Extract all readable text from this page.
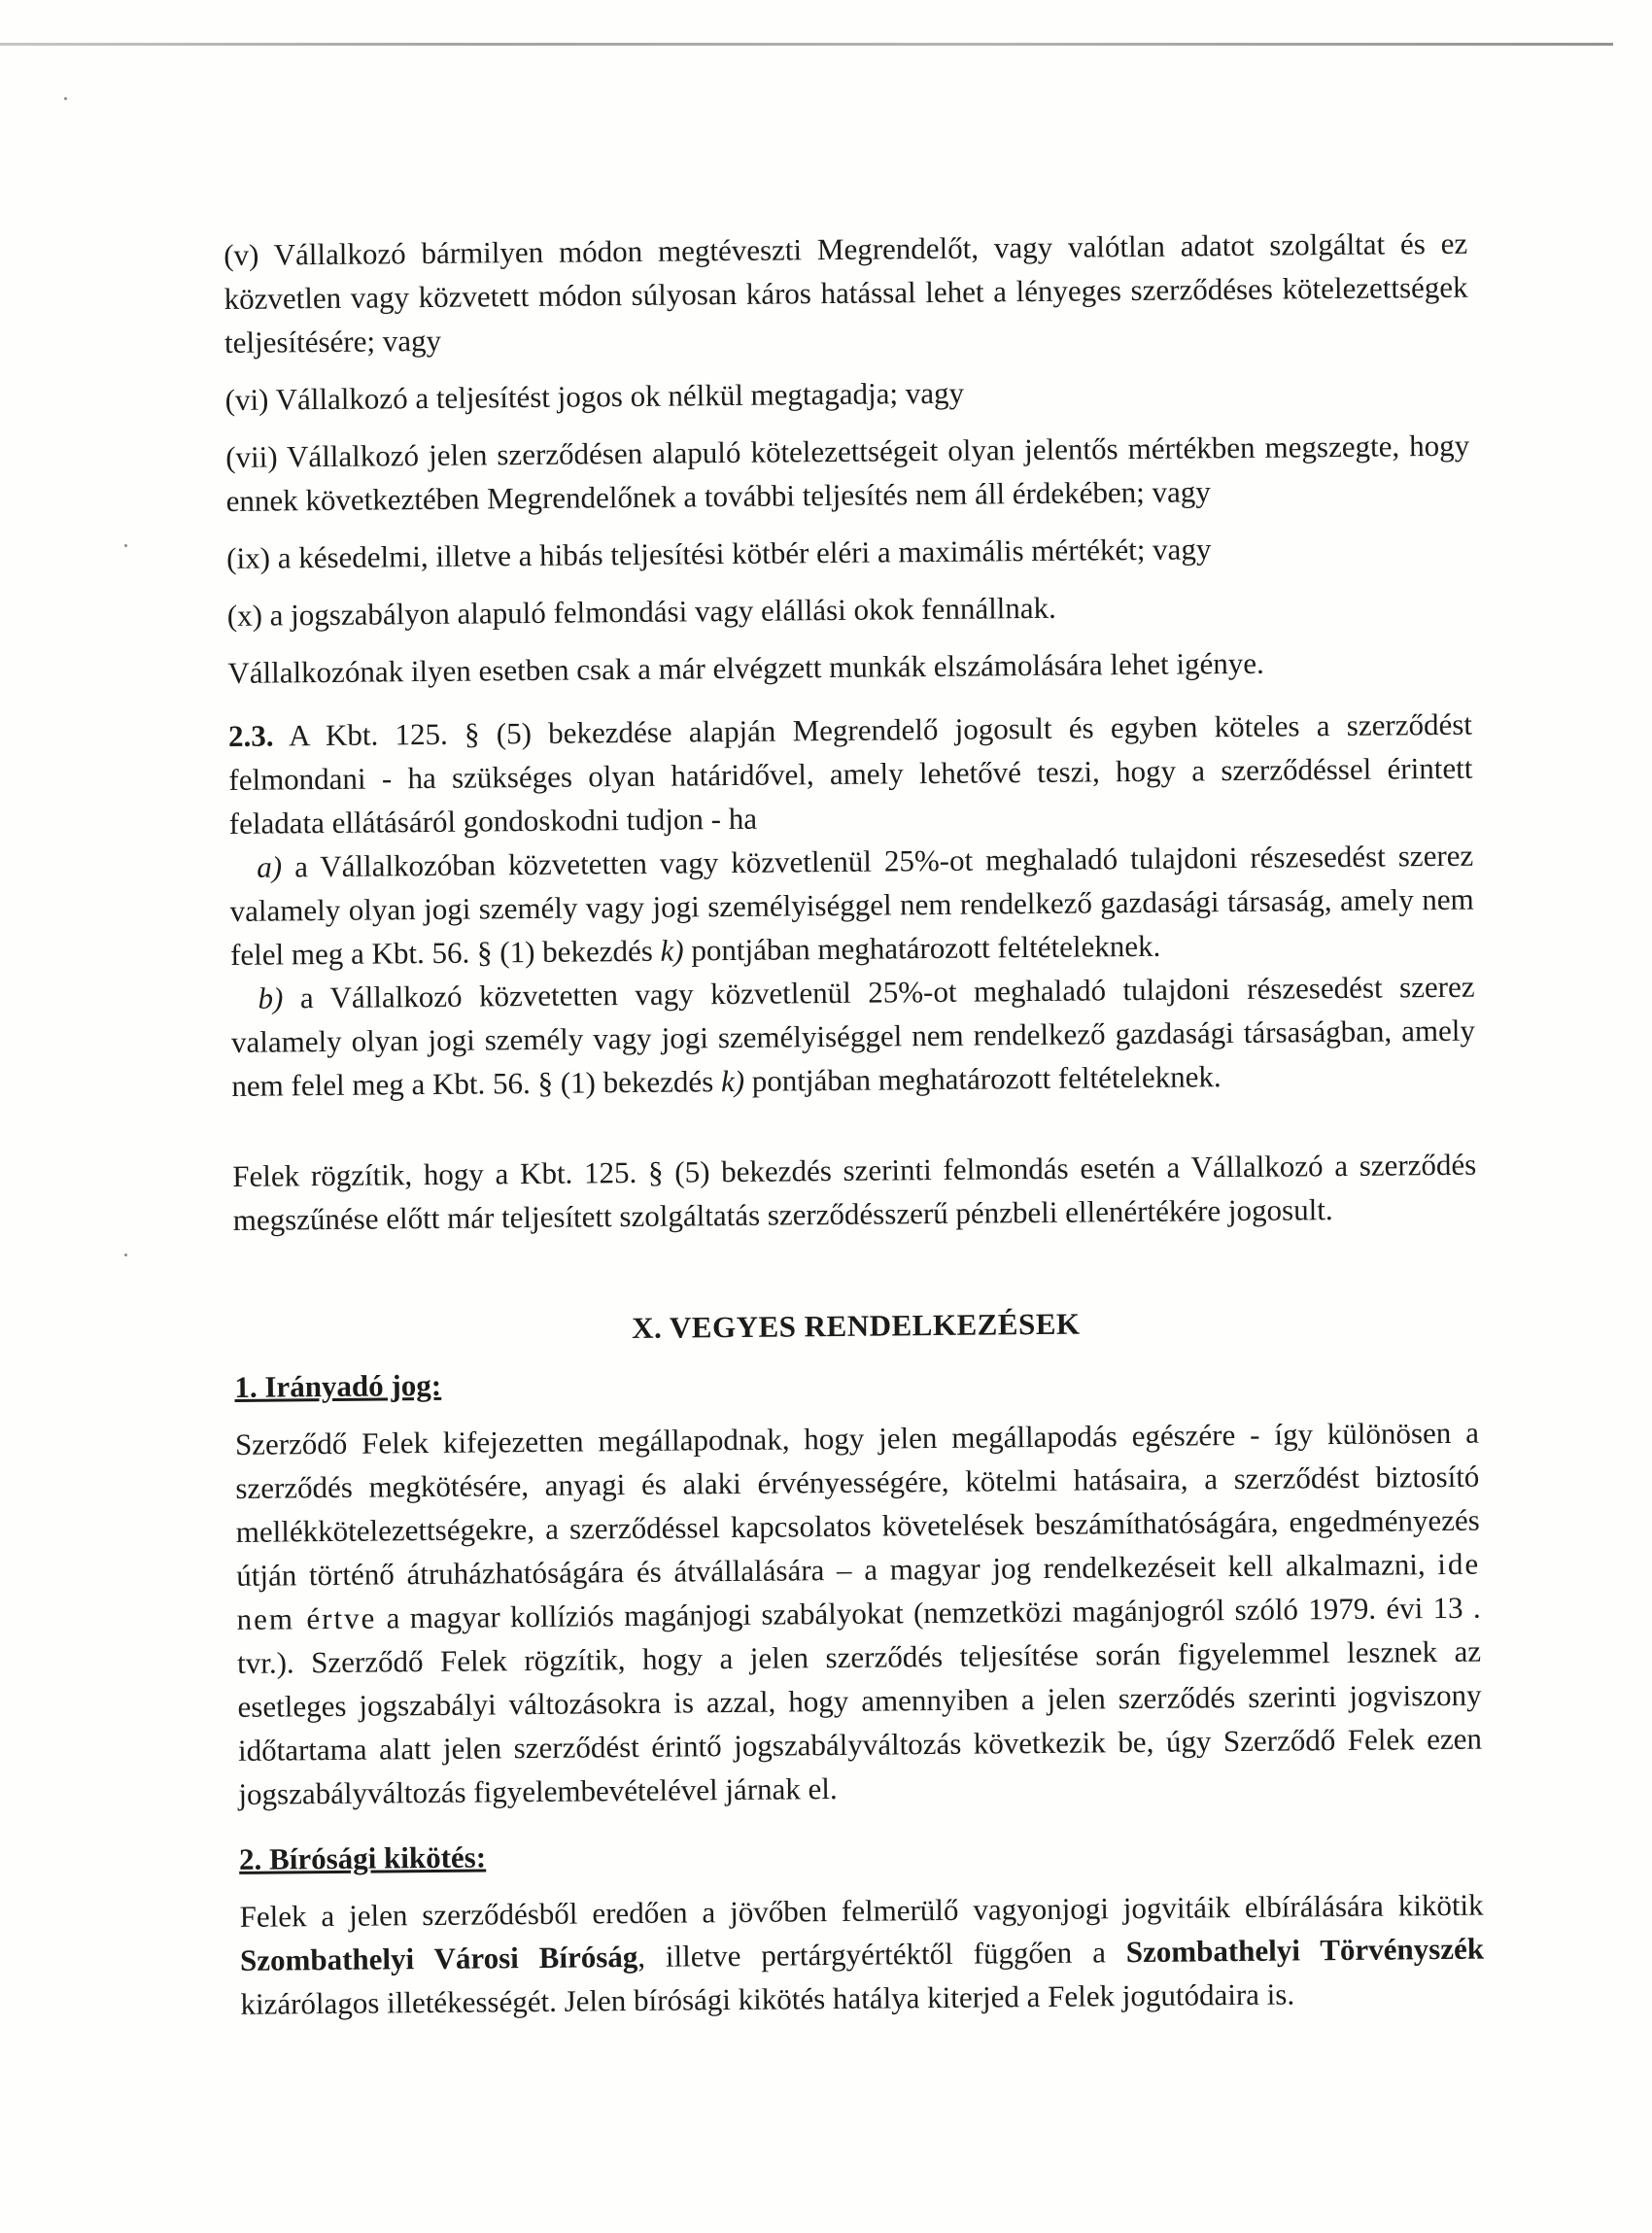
(v) Vállalkozó bármilyen módon megtéveszti Megrendelőt, vagy valótlan adatot szolgáltat és ez közvetlen vagy közvetett módon súlyosan káros hatással lehet a lényeges szerződéses kötelezettségek teljesítésére; vagy

(vi) Vállalkozó a teljesítést jogos ok nélkül megtagadja; vagy

(vii) Vállalkozó jelen szerződésen alapuló kötelezettségeit olyan jelentős mértékben megszegte, hogy ennek következtében Megrendelőnek a további teljesítés nem áll érdekében; vagy

(ix) a késedelmi, illetve a hibás teljesítési kötbér eléri a maximális mértékét; vagy

(x) a jogszabályon alapuló felmondási vagy elállási okok fennállnak.

Vállalkozónak ilyen esetben csak a már elvégzett munkák elszámolására lehet igénye.

2.3. A Kbt. 125. § (5) bekezdése alapján Megrendelő jogosult és egyben köteles a szerződést felmondani - ha szükséges olyan határidővel, amely lehetővé teszi, hogy a szerződéssel érintett feladata ellátásáról gondoskodni tudjon - ha

a) a Vállalkozóban közvetetten vagy közvetlenül 25%-ot meghaladó tulajdoni részesedést szerez valamely olyan jogi személy vagy jogi személyiséggel nem rendelkező gazdasági társaság, amely nem felel meg a Kbt. 56. § (1) bekezdés k) pontjában meghatározott feltételeknek.

b) a Vállalkozó közvetetten vagy közvetlenül 25%-ot meghaladó tulajdoni részesedést szerez valamely olyan jogi személy vagy jogi személyiséggel nem rendelkező gazdasági társaságban, amely nem felel meg a Kbt. 56. § (1) bekezdés k) pontjában meghatározott feltételeknek.

Felek rögzítik, hogy a Kbt. 125. § (5) bekezdés szerinti felmondás esetén a Vállalkozó a szerződés megszűnése előtt már teljesített szolgáltatás szerződésszerű pénzbeli ellenértékére jogosult.

X. VEGYES RENDELKEZÉSEK

1. Irányadó jog:

Szerződő Felek kifejezetten megállapodnak, hogy jelen megállapodás egészére - így különösen a szerződés megkötésére, anyagi és alaki érvényességére, kötelmi hatásaira, a szerződést biztosító mellékkötelezettségekre, a szerződéssel kapcsolatos követelések beszámíthatóságára, engedményezés útján történő átruházhatóságára és átvállalására – a magyar jog rendelkezéseit kell alkalmazni, ide nem értve a magyar kollíziós magánjogi szabályokat (nemzetközi magánjogról szóló 1979. évi 13 . tvr.). Szerződő Felek rögzítik, hogy a jelen szerződés teljesítése során figyelemmel lesznek az esetleges jogszabályi változásokra is azzal, hogy amennyiben a jelen szerződés szerinti jogviszony időtartama alatt jelen szerződést érintő jogszabályváltozás következik be, úgy Szerződő Felek ezen jogszabályváltozás figyelembevételével járnak el.

2. Bírósági kikötés:

Felek a jelen szerződésből eredően a jövőben felmerülő vagyonjogi jogvitáik elbírálására kikötik Szombathelyi Városi Bíróság, illetve pertárgyértéktől függően a Szombathelyi Törvényszék kizárólagos illetékességét. Jelen bírósági kikötés hatálya kiterjed a Felek jogutódaira is.
